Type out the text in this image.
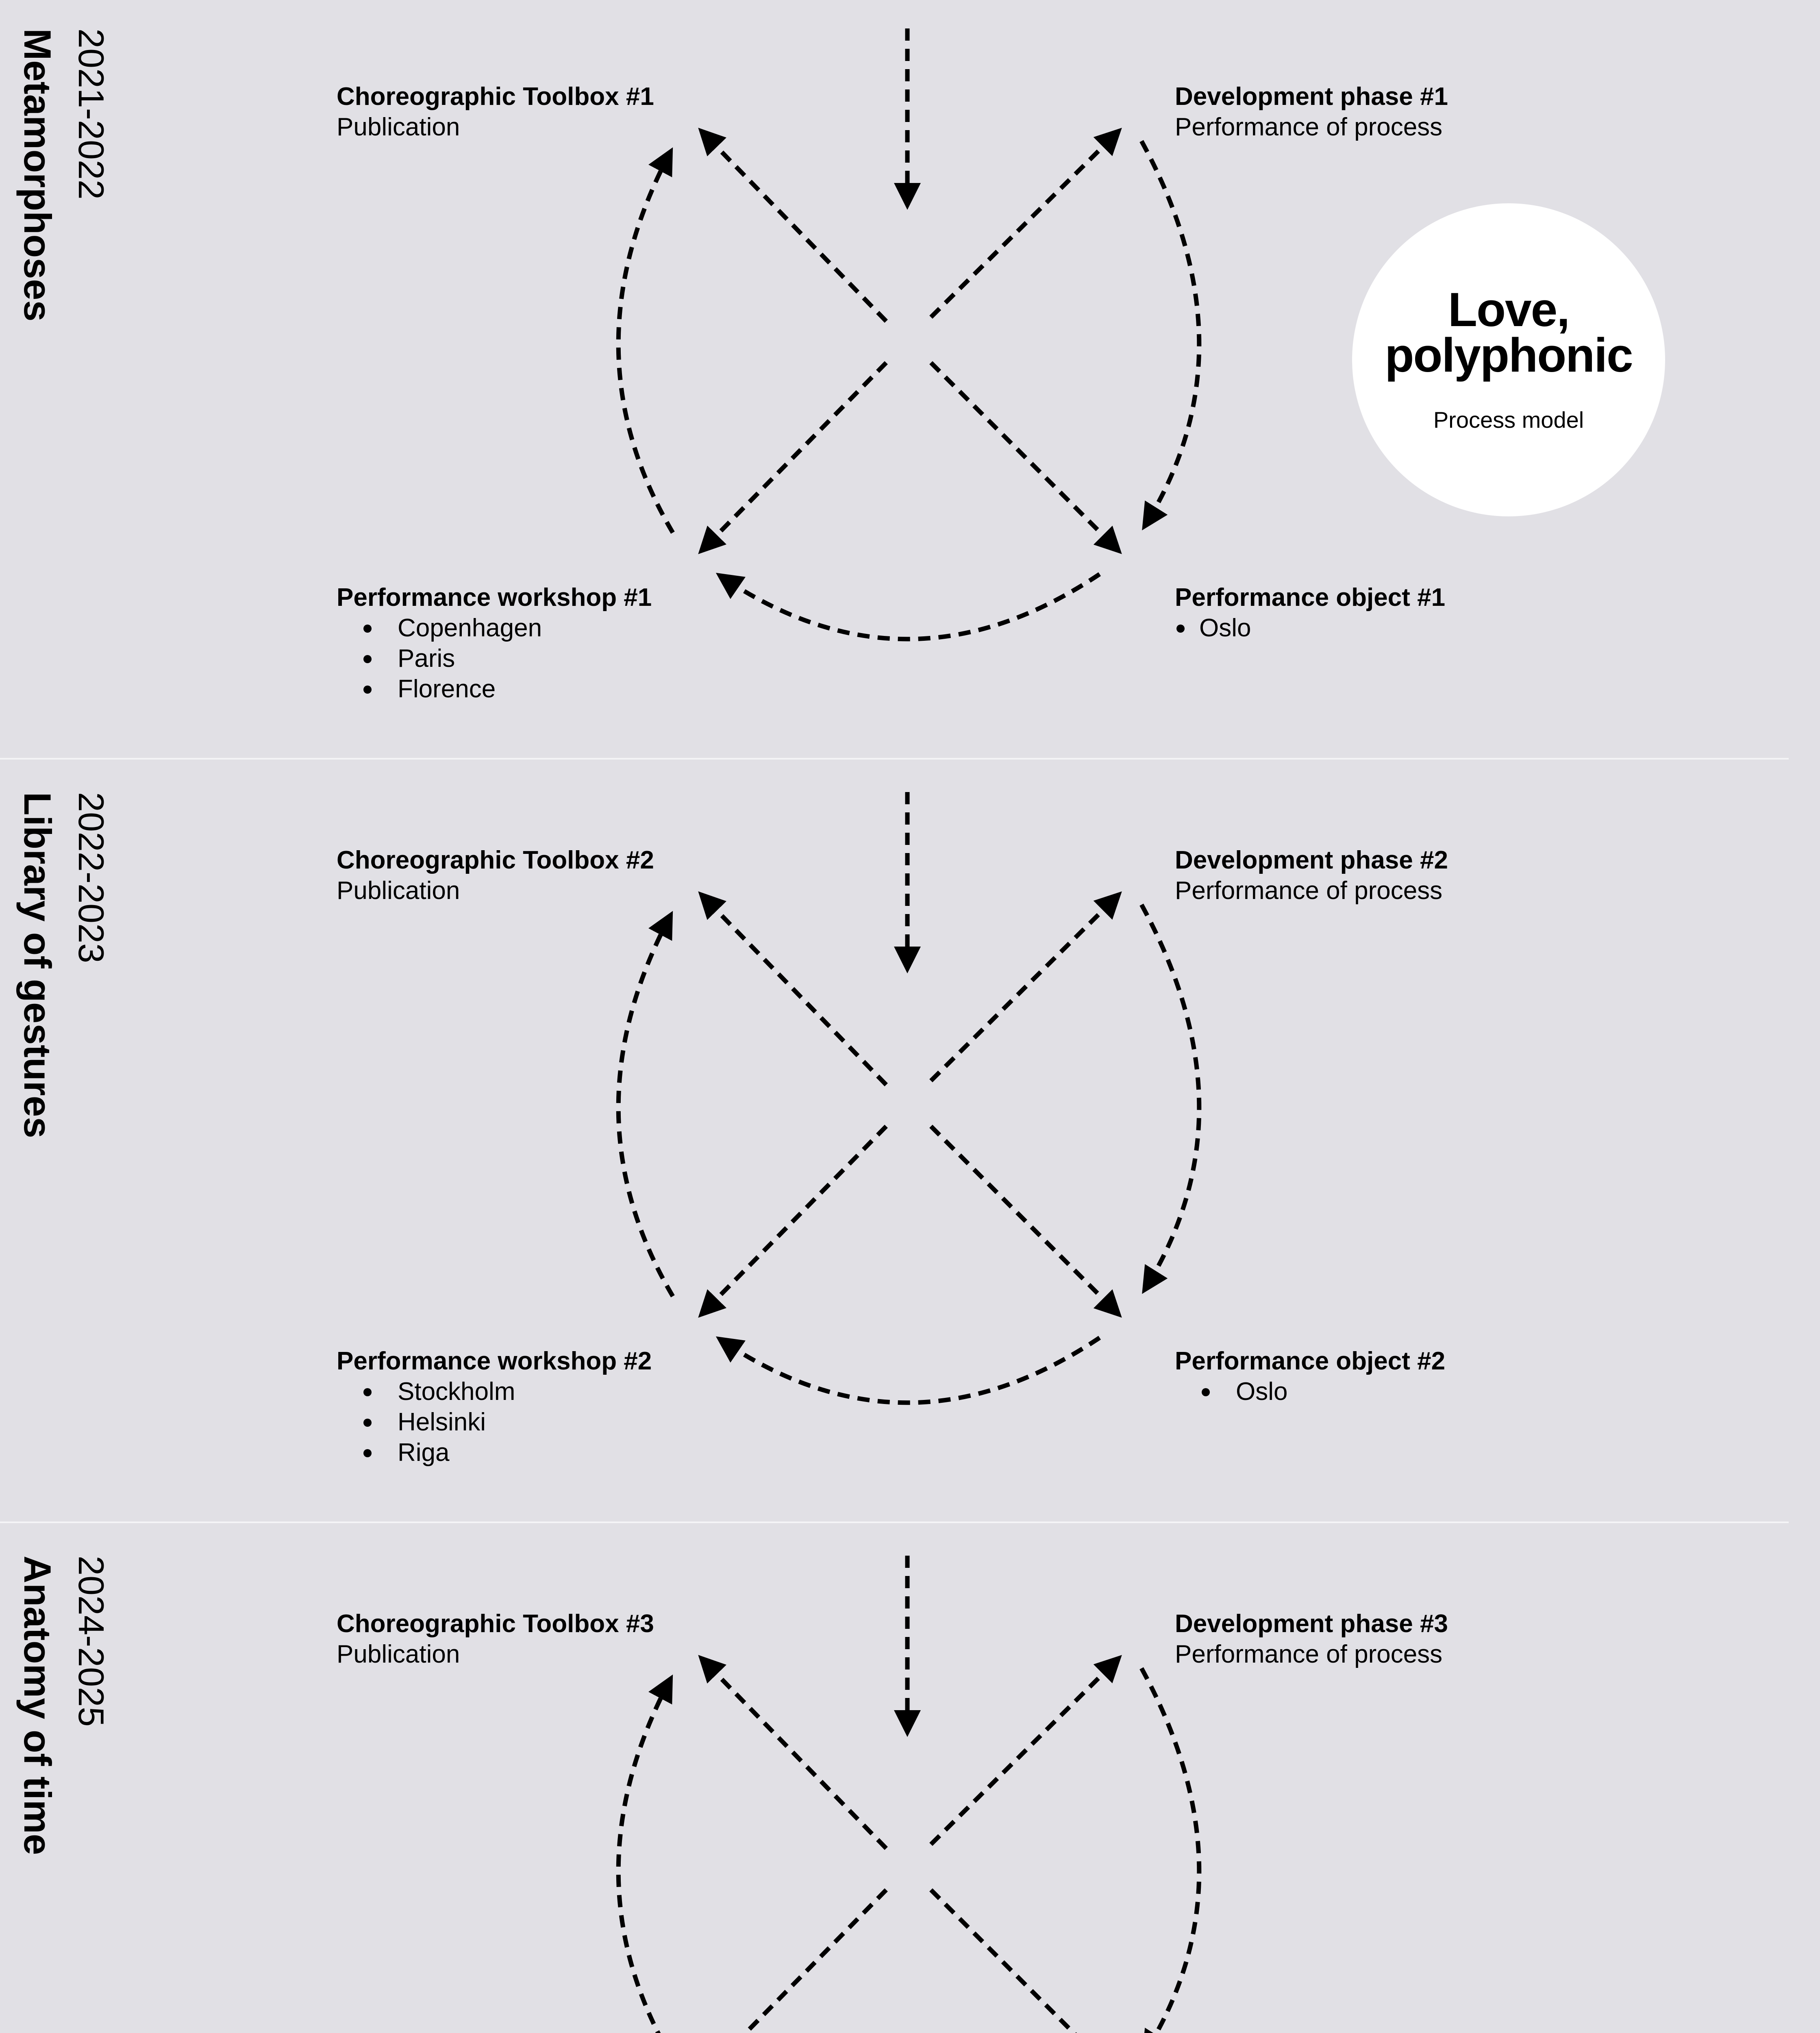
2021-2022
Metamorphoses	Choreographic Toolbox #1
Publication
Development phase #1
Performance of process
Performance workshop #1
Copenhagen
Paris
Florence
Performance object #1
Oslo
Love, polyphonic
Process model
2022-2023
Library of gestures	Choreographic Toolbox #2
Publication
Development phase #2
Performance of process
Performance workshop #2
Stockholm
Helsinki
Riga
Performance object #2
Oslo
2024-2025
Anatomy of time	Choreographic Toolbox #3
Publication
Development phase #3
Performance of process
